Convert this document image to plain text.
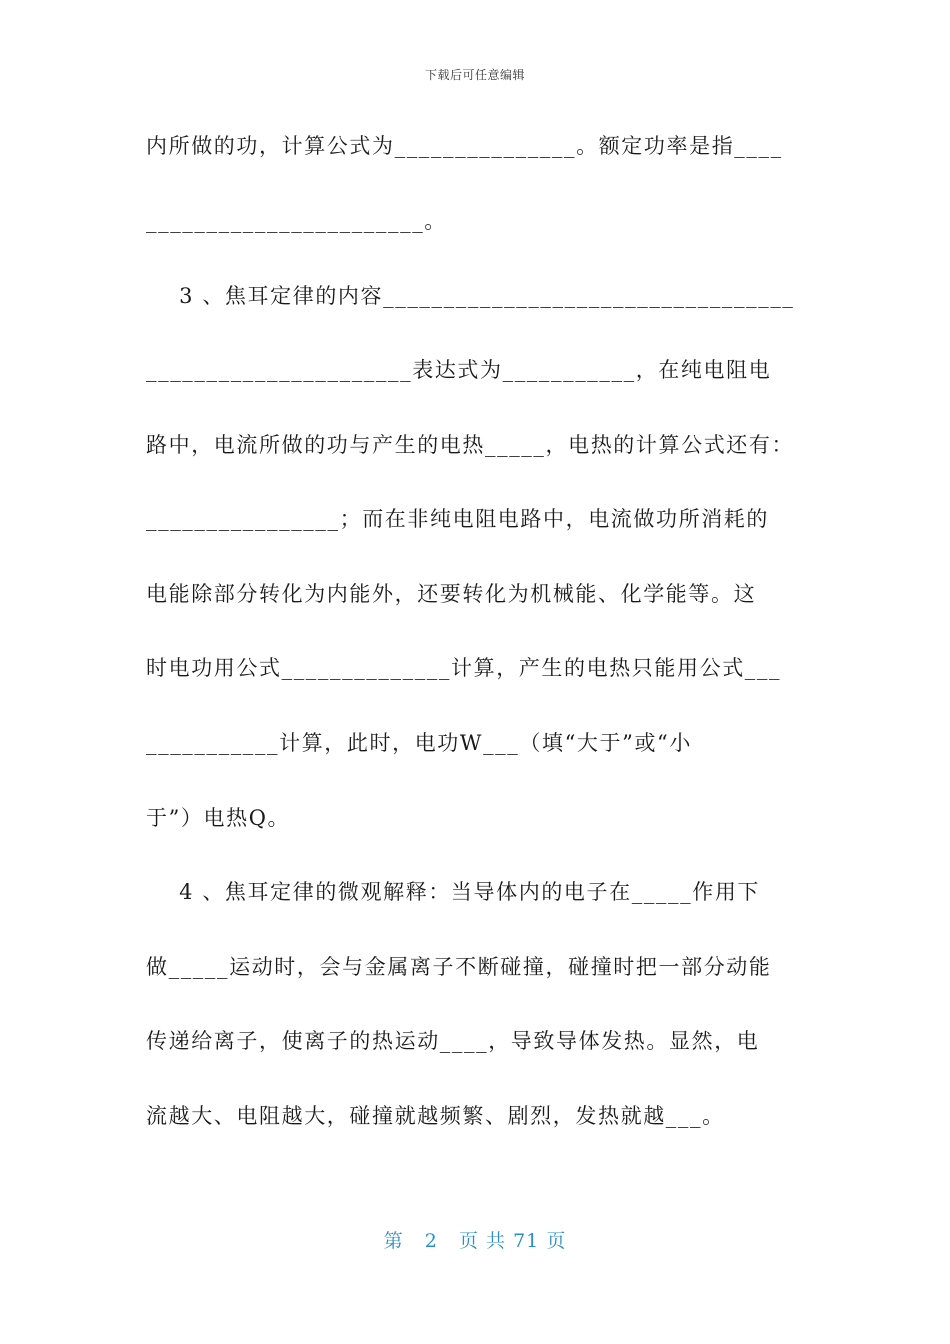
下载后可任意编辑
内所做的功，计算公式为_______________。额定功率是指____
_______________________。
3 、焦耳定律的内容__________________________________
______________________表达式为___________，在纯电阻电
路中，电流所做的功与产生的电热_____，电热的计算公式还有：
________________；而在非纯电阻电路中，电流做功所消耗的
电能除部分转化为内能外，还要转化为机械能、化学能等。这
时电功用公式______________计算，产生的电热只能用公式___
___________计算，此时，电功W___（填“大于”或“小
于”）电热Q。
4 、焦耳定律的微观解释：当导体内的电子在_____作用下
做_____运动时，会与金属离子不断碰撞，碰撞时把一部分动能
传递给离子，使离子的热运动____，导致导体发热。显然，电
流越大、电阻越大，碰撞就越频繁、剧烈，发热就越___。
第 2 页 共 71 页
